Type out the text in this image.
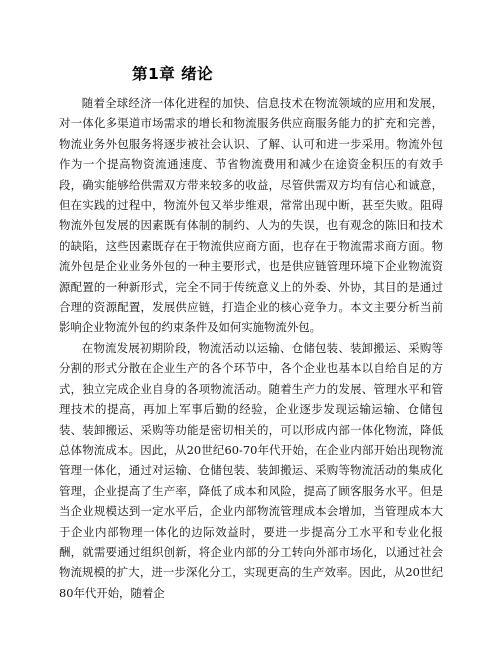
第1章 绪论

随着全球经济一体化进程的加快、信息技术在物流领域的应用和发展，对一体化多渠道市场需求的增长和物流服务供应商服务能力的扩充和完善，物流业务外包服务将逐步被社会认识、了解、认可和进一步采用。物流外包作为一个提高物资流通速度、节省物流费用和减少在途资金积压的有效手段，确实能够给供需双方带来较多的收益，尽管供需双方均有信心和诚意，但在实践的过程中，物流外包又举步维艰，常常出现中断，甚至失败。阻碍物流外包发展的因素既有体制的制约、人为的失误，也有观念的陈旧和技术的缺陷，这些因素既存在于物流供应商方面，也存在于物流需求商方面。物流外包是企业业务外包的一种主要形式，也是供应链管理环境下企业物流资源配置的一种新形式，完全不同于传统意义上的外委、外协，其目的是通过合理的资源配置，发展供应链，打造企业的核心竞争力。本文主要分析当前影响企业物流外包的约束条件及如何实施物流外包。

在物流发展初期阶段，物流活动以运输、仓储包装、装卸搬运、采购等分割的形式分散在企业生产的各个环节中，各个企业也基本以自给自足的方式，独立完成企业自身的各项物流活动。随着生产力的发展、管理水平和管理技术的提高，再加上军事后勤的经验，企业逐步发现运输运输、仓储包装、装卸搬运、采购等功能是密切相关的，可以形成内部一体化物流，降低总体物流成本。因此，从20世纪60-70年代开始，在企业内部开始出现物流管理一体化，通过对运输、仓储包装、装卸搬运、采购等物流活动的集成化管理，企业提高了生产率，降低了成本和风险，提高了顾客服务水平。但是当企业规模达到一定水平后，企业内部物流管理成本会增加，当管理成本大于企业内部物理一体化的边际效益时，要进一步提高分工水平和专业化报酬，就需要通过组织创新，将企业内部的分工转向外部市场化，以通过社会物流规模的扩大，进一步深化分工，实现更高的生产效率。因此，从20世纪80年代开始，随着企
